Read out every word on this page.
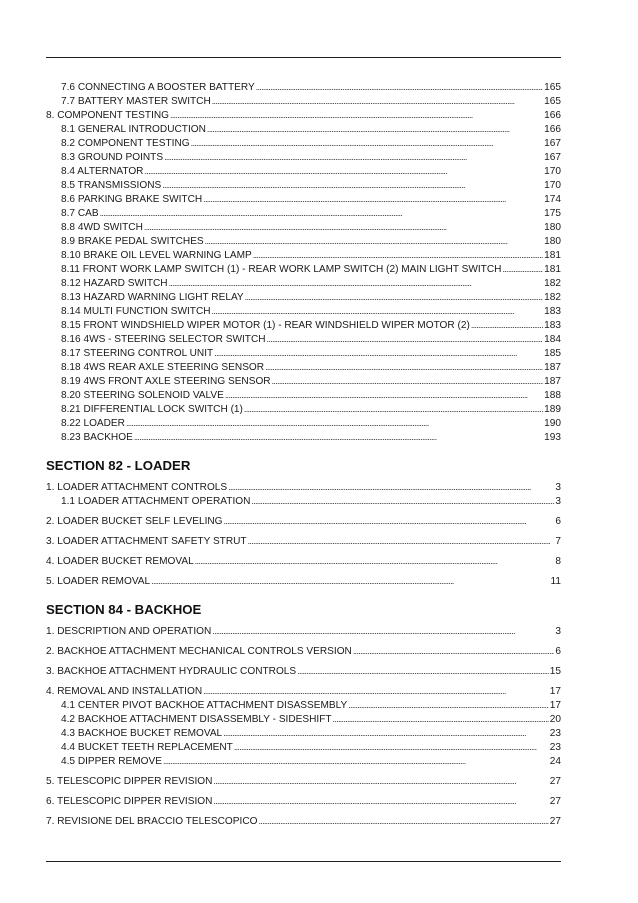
7.6 CONNECTING A BOOSTER BATTERY . . .	165
7.7 BATTERY MASTER SWITCH . . .	165
8. COMPONENT TESTING . . .	166
8.1 GENERAL INTRODUCTION . . .	166
8.2 COMPONENT TESTING . . .	167
8.3 GROUND POINTS . . .	167
8.4 ALTERNATOR . . .	170
8.5 TRANSMISSIONS . . .	170
8.6 PARKING BRAKE SWITCH . . .	174
8.7 CAB . . .	175
8.8 4WD SWITCH . . .	180
8.9 BRAKE PEDAL SWITCHES . . .	180
8.10 BRAKE OIL LEVEL WARNING LAMP . . .	181
8.11 FRONT WORK LAMP SWITCH (1) - REAR WORK LAMP SWITCH (2) MAIN LIGHT SWITCH . . .	181
8.12 HAZARD SWITCH . . .	182
8.13 HAZARD WARNING LIGHT RELAY . . .	182
8.14 MULTI FUNCTION SWITCH . . .	183
8.15 FRONT WINDSHIELD WIPER MOTOR (1) - REAR WINDSHIELD WIPER MOTOR (2) . . .	183
8.16 4WS - STEERING SELECTOR SWITCH . . .	184
8.17 STEERING CONTROL UNIT . . .	185
8.18 4WS REAR AXLE STEERING SENSOR . . .	187
8.19 4WS FRONT AXLE STEERING SENSOR . . .	187
8.20 STEERING SOLENOID VALVE . . .	188
8.21 DIFFERENTIAL LOCK SWITCH (1) . . .	189
8.22 LOADER . . .	190
8.23 BACKHOE . . .	193
SECTION 82 - LOADER
1. LOADER ATTACHMENT CONTROLS . . .	3
1.1 LOADER ATTACHMENT OPERATION . . .	3
2. LOADER BUCKET SELF LEVELING . . .	6
3. LOADER ATTACHMENT SAFETY STRUT . . .	7
4. LOADER BUCKET REMOVAL . . .	8
5. LOADER REMOVAL . . .	11
SECTION 84 - BACKHOE
1. DESCRIPTION AND OPERATION . . .	3
2. BACKHOE ATTACHMENT MECHANICAL CONTROLS VERSION . . .	6
3. BACKHOE ATTACHMENT HYDRAULIC CONTROLS . . .	15
4. REMOVAL AND INSTALLATION . . .	17
4.1 CENTER PIVOT BACKHOE ATTACHMENT DISASSEMBLY . . .	17
4.2 BACKHOE ATTACHMENT DISASSEMBLY - SIDESHIFT . . .	20
4.3 BACKHOE BUCKET REMOVAL . . .	23
4.4 BUCKET TEETH REPLACEMENT . . .	23
4.5 DIPPER REMOVE . . .	24
5. TELESCOPIC DIPPER REVISION . . .	27
6. TELESCOPIC DIPPER REVISION . . .	27
7. REVISIONE DEL BRACCIO TELESCOPICO . . .	27
